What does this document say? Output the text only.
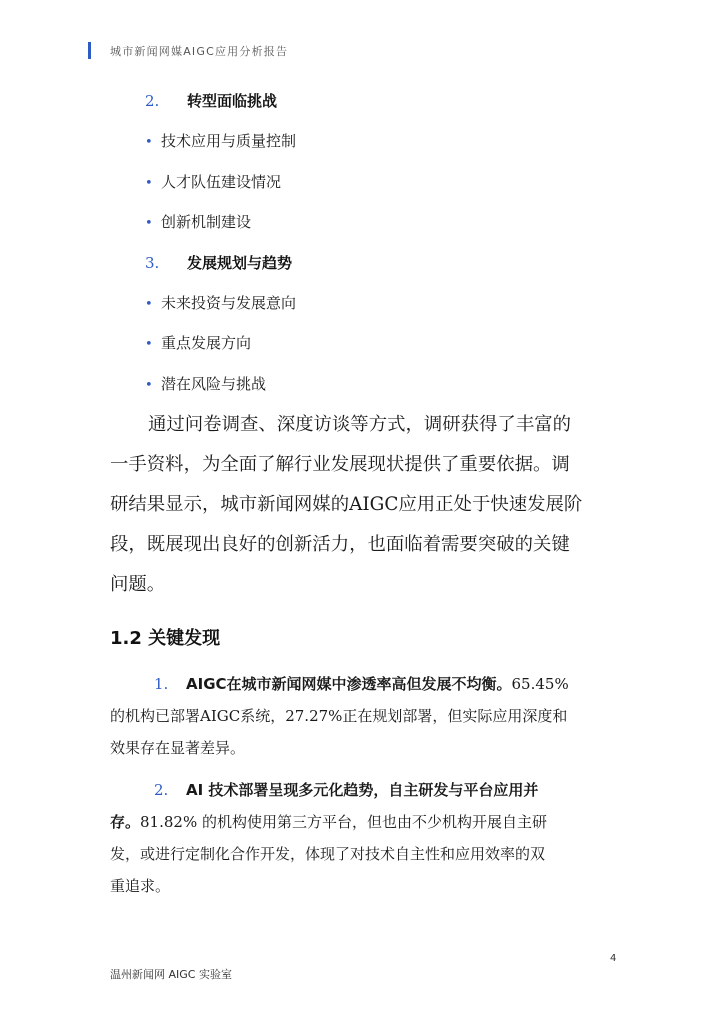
城市新闻网媒AIGC应用分析报告
2. 转型面临挑战
• 技术应用与质量控制
• 人才队伍建设情况
• 创新机制建设
3. 发展规划与趋势
• 未来投资与发展意向
• 重点发展方向
• 潜在风险与挑战
通过问卷调查、深度访谈等方式，调研获得了丰富的
一手资料，为全面了解行业发展现状提供了重要依据。调
研结果显示，城市新闻网媒的AIGC应用正处于快速发展阶
段，既展现出良好的创新活力，也面临着需要突破的关键
问题。
1.2 关键发现
1. AIGC在城市新闻网媒中渗透率高但发展不均衡。65.45%
的机构已部署AIGC系统，27.27%正在规划部署，但实际应用深度和
效果存在显著差异。
2. AI 技术部署呈现多元化趋势，自主研发与平台应用并
存。81.82% 的机构使用第三方平台，但也由不少机构开展自主研
发，或进行定制化合作开发，体现了对技术自主性和应用效率的双
重追求。
4
温州新闻网 AIGC 实验室
